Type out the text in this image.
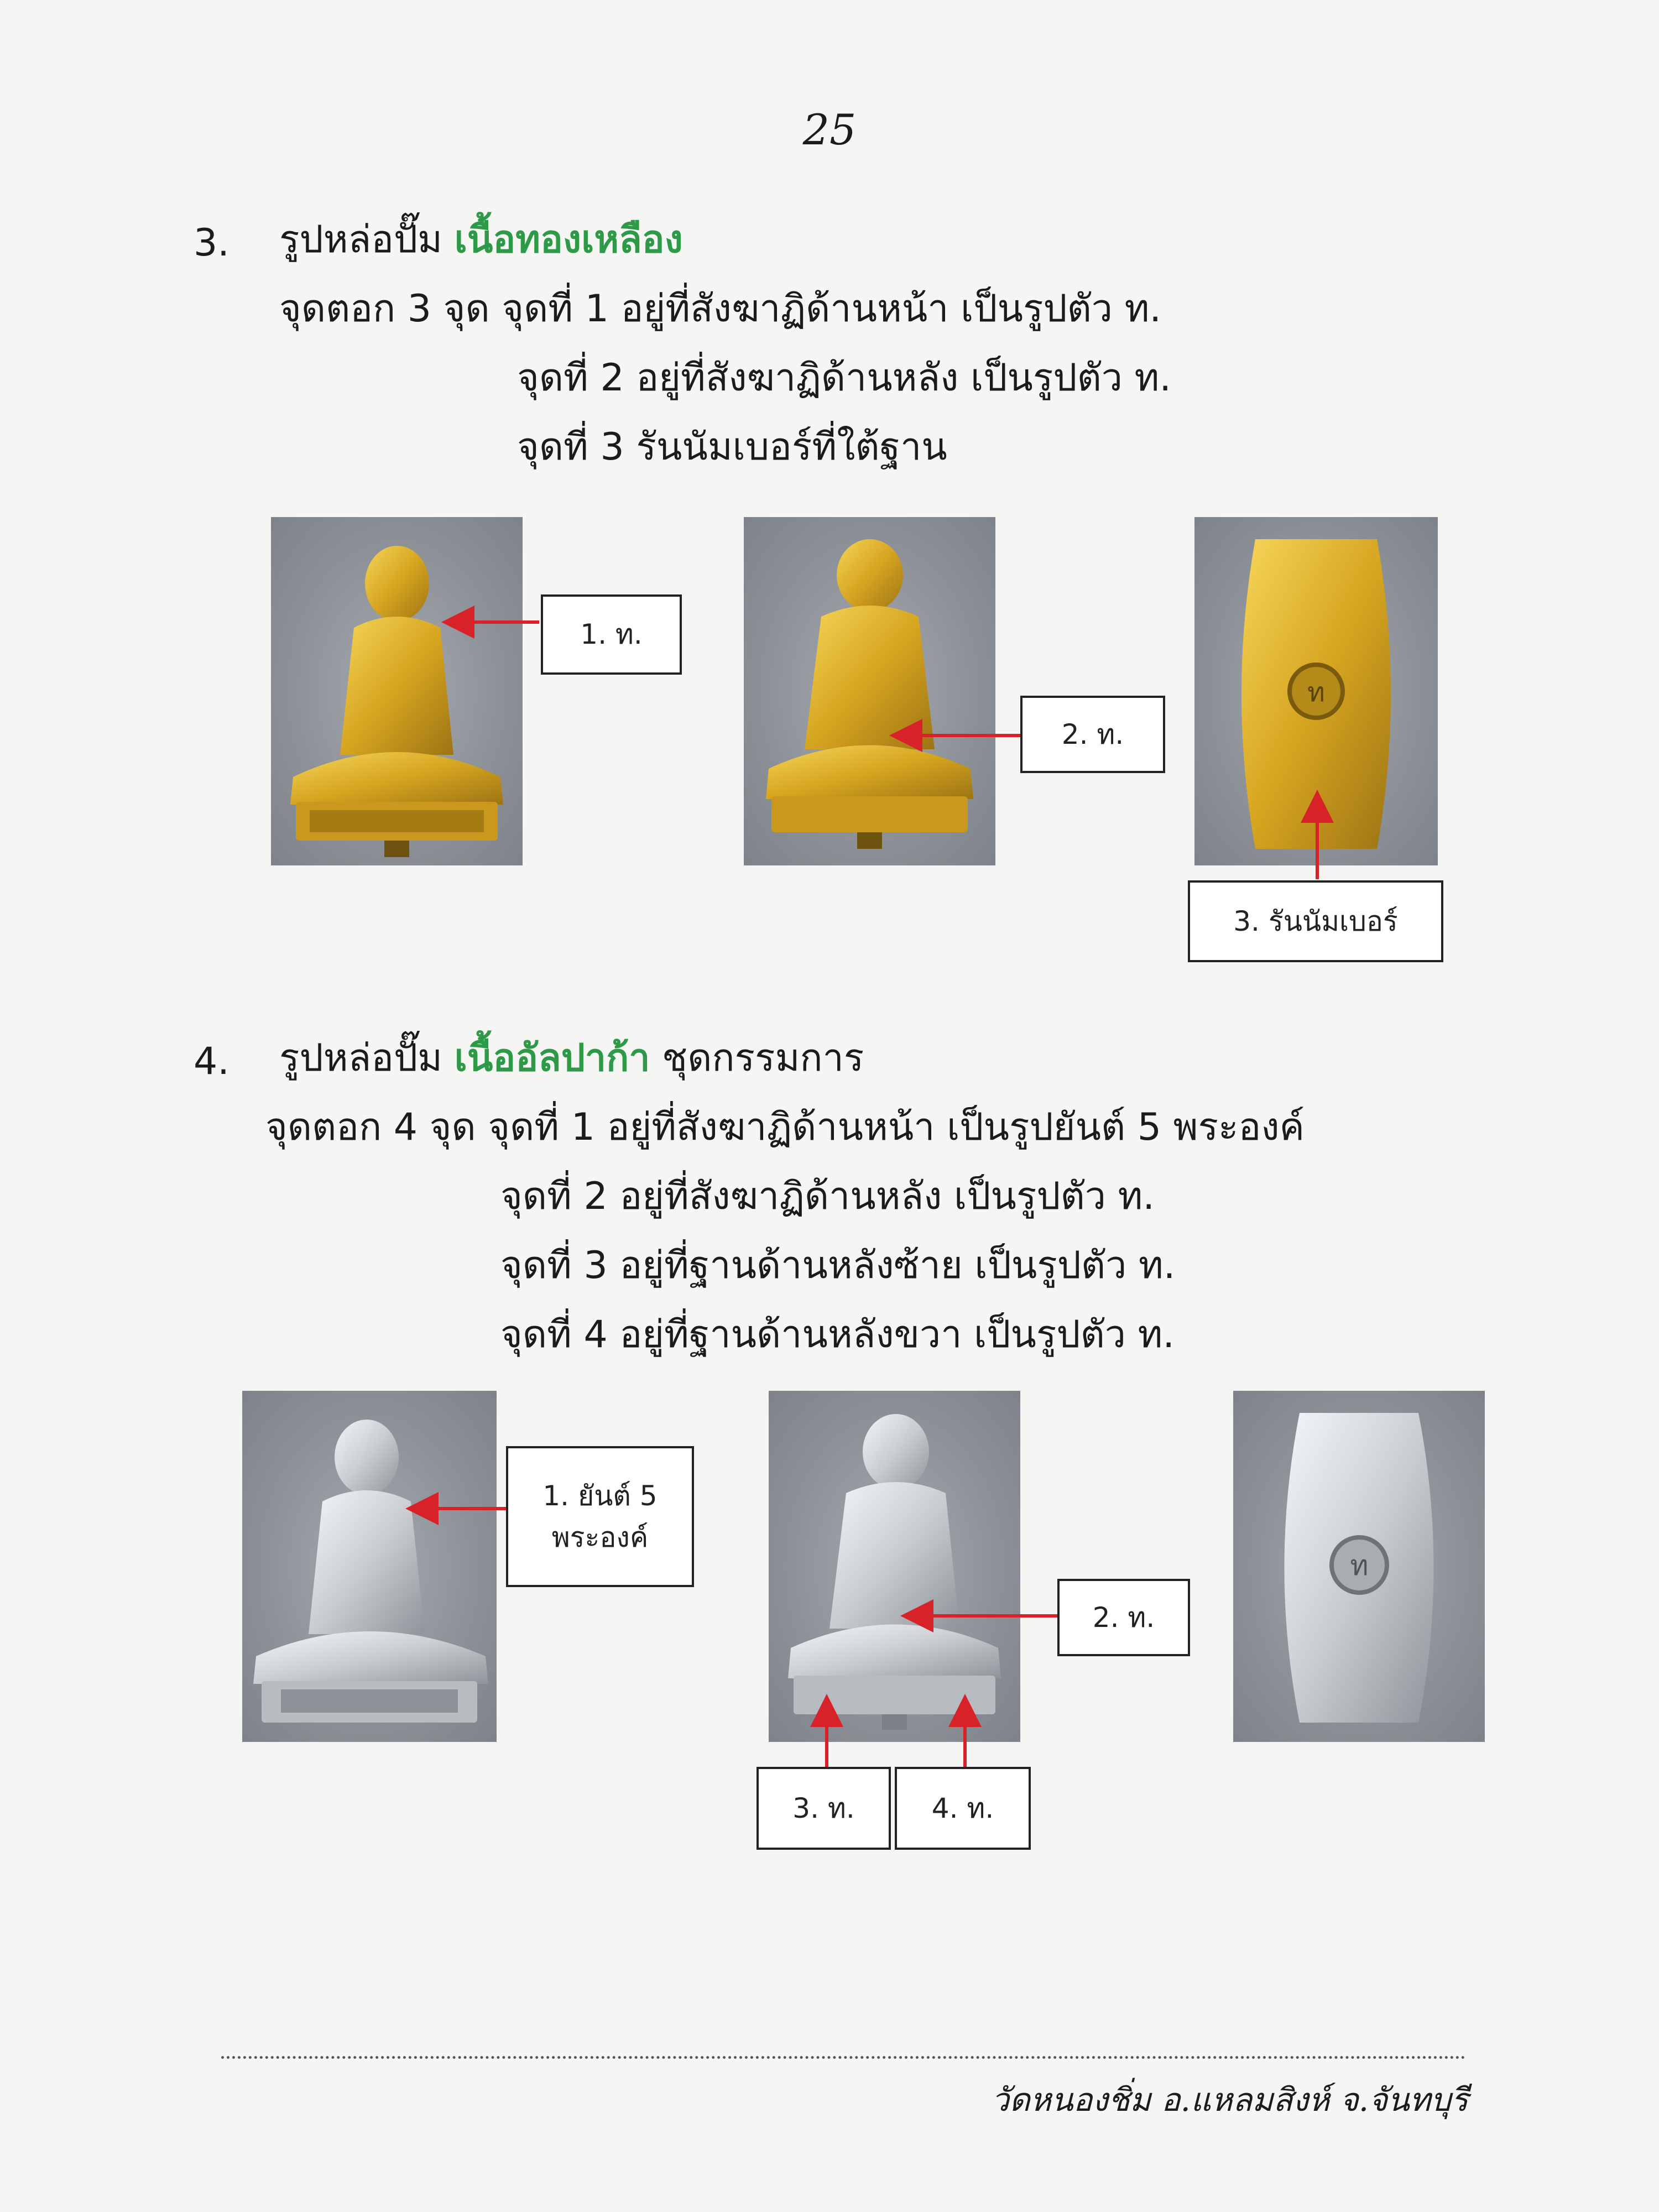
25
3. รูปหล่อปั๊ม เนื้อทองเหลือง
จุดตอก 3 จุด จุดที่ 1 อยู่ที่สังฆาฏิด้านหน้า เป็นรูปตัว ท.
จุดที่ 2 อยู่ที่สังฆาฏิด้านหลัง เป็นรูปตัว ท.
จุดที่ 3 รันนัมเบอร์ที่ใต้ฐาน
ท
1. ท.
2. ท.
3. รันนัมเบอร์
4. รูปหล่อปั๊ม เนื้ออัลปาก้า ชุดกรรมการ
จุดตอก 4 จุด จุดที่ 1 อยู่ที่สังฆาฏิด้านหน้า เป็นรูปยันต์ 5 พระองค์
จุดที่ 2 อยู่ที่สังฆาฏิด้านหลัง เป็นรูปตัว ท.
จุดที่ 3 อยู่ที่ฐานด้านหลังซ้าย เป็นรูปตัว ท.
จุดที่ 4 อยู่ที่ฐานด้านหลังขวา เป็นรูปตัว ท.
ท
1. ยันต์ 5
พระองค์
2. ท.
3. ท.	4. ท.
วัดหนองชิ่ม อ.แหลมสิงห์ จ.จันทบุรี
